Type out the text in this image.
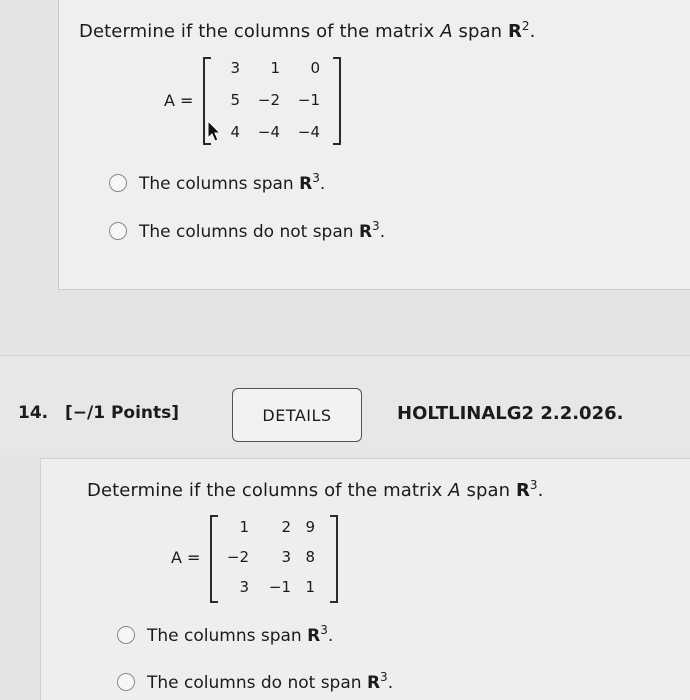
Determine if the columns of the matrix A span $R^2$.
A =
3	1	0
5 −2 −1
4 −4 −4
The columns span $R^3$.
The columns do not span $R^3$.
14. [−/1 Points]	DETAILS	HOLTLINALG2 2.2.026.
Determine if the columns of the matrix A span $R^3$.
A =
1	2 9
−2	3 8
3 −1 1
The columns span $R^3$.
The columns do not span $R^3$.
